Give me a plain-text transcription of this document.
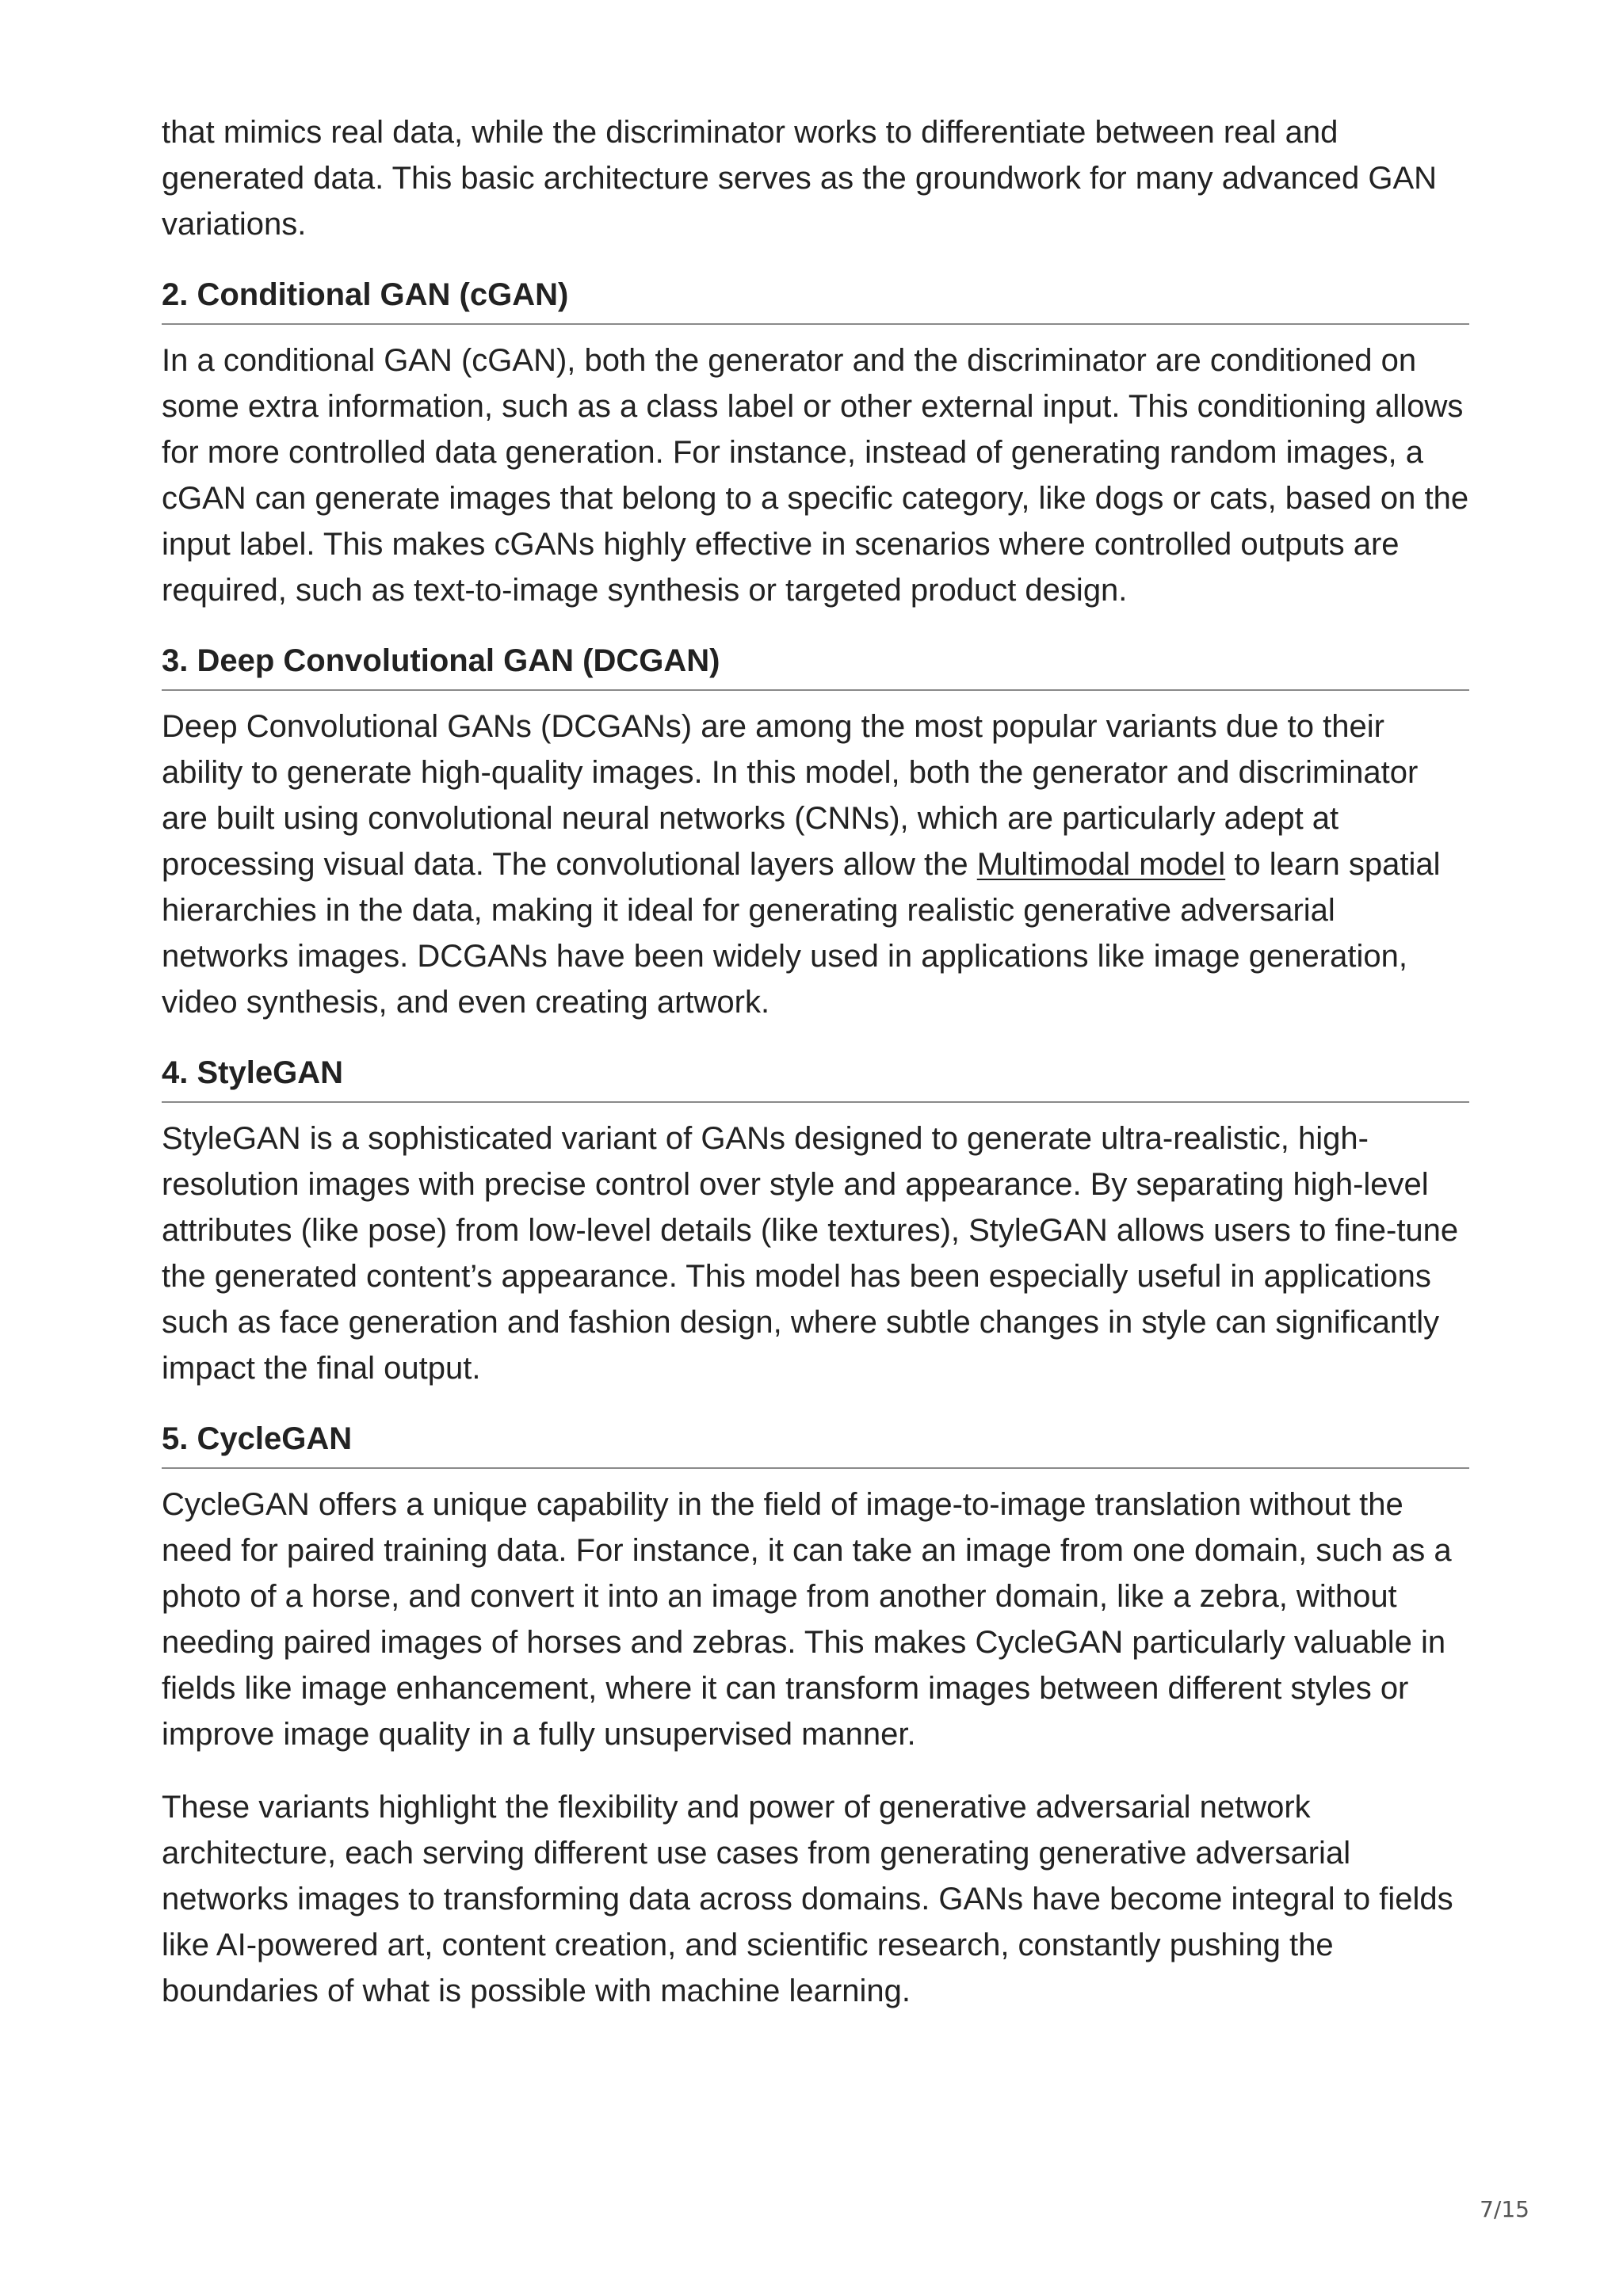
that mimics real data, while the discriminator works to differentiate between real and generated data. This basic architecture serves as the groundwork for many advanced GAN variations.

2. Conditional GAN (cGAN)

In a conditional GAN (cGAN), both the generator and the discriminator are conditioned on some extra information, such as a class label or other external input. This conditioning allows for more controlled data generation. For instance, instead of generating random images, a cGAN can generate images that belong to a specific category, like dogs or cats, based on the input label. This makes cGANs highly effective in scenarios where controlled outputs are required, such as text-to-image synthesis or targeted product design.

3. Deep Convolutional GAN (DCGAN)

Deep Convolutional GANs (DCGANs) are among the most popular variants due to their ability to generate high-quality images. In this model, both the generator and discriminator are built using convolutional neural networks (CNNs), which are particularly adept at processing visual data. The convolutional layers allow the Multimodal model to learn spatial hierarchies in the data, making it ideal for generating realistic generative adversarial networks images. DCGANs have been widely used in applications like image generation, video synthesis, and even creating artwork.

4. StyleGAN

StyleGAN is a sophisticated variant of GANs designed to generate ultra-realistic, high-resolution images with precise control over style and appearance. By separating high-level attributes (like pose) from low-level details (like textures), StyleGAN allows users to fine-tune the generated content’s appearance. This model has been especially useful in applications such as face generation and fashion design, where subtle changes in style can significantly impact the final output.

5. CycleGAN

CycleGAN offers a unique capability in the field of image-to-image translation without the need for paired training data. For instance, it can take an image from one domain, such as a photo of a horse, and convert it into an image from another domain, like a zebra, without needing paired images of horses and zebras. This makes CycleGAN particularly valuable in fields like image enhancement, where it can transform images between different styles or improve image quality in a fully unsupervised manner.

These variants highlight the flexibility and power of generative adversarial network architecture, each serving different use cases from generating generative adversarial networks images to transforming data across domains. GANs have become integral to fields like AI-powered art, content creation, and scientific research, constantly pushing the boundaries of what is possible with machine learning.

7/15
